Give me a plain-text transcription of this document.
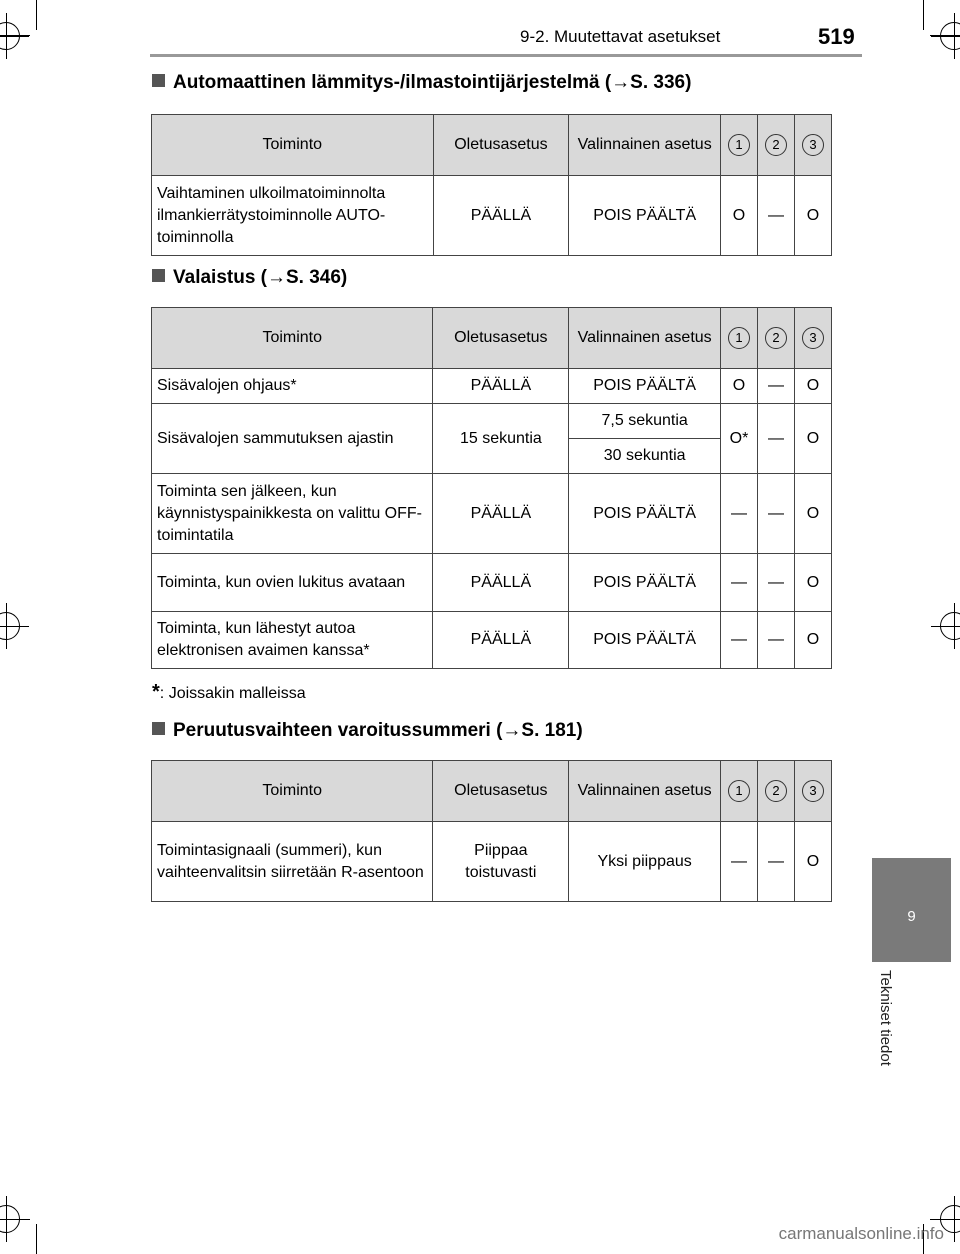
9-2. Muutettavat asetukset	519
9
Tekniset tiedot
Automaattinen lämmitys-/ilmastointijärjestelmä (→S. 336)
Toiminto	Oletusasetus	Valinnainen asetus	1	2	3
Vaihtaminen ulkoilmatoiminnolta ilmankierrätystoiminnolle AUTO-toiminnolla	PÄÄLLÄ	POIS PÄÄLTÄ	O	—	O
Valaistus (→S. 346)
Toiminto	Oletusasetus	Valinnainen asetus	1	2	3
Sisävalojen ohjaus*	PÄÄLLÄ	POIS PÄÄLTÄ	O	—	O
Sisävalojen sammutuksen ajastin	15 sekuntia	7,5 sekuntia	O*	—	O
		30 sekuntia			
Toiminta sen jälkeen, kun käynnistyspainikkesta on valittu OFF-toimintatila	PÄÄLLÄ	POIS PÄÄLTÄ	—	—	O
Toiminta, kun ovien lukitus avataan	PÄÄLLÄ	POIS PÄÄLTÄ	—	—	O
Toiminta, kun lähestyt autoa elektronisen avaimen kanssa*	PÄÄLLÄ	POIS PÄÄLTÄ	—	—	O
*: Joissakin malleissa
Peruutusvaihteen varoitussummeri (→S. 181)
Toiminto	Oletusasetus	Valinnainen asetus	1	2	3
Toimintasignaali (summeri), kun vaihteenvalitsin siirretään R-asentoon	Piippaa toistuvasti	Yksi piippaus	—	—	O
carmanualsonline.info
